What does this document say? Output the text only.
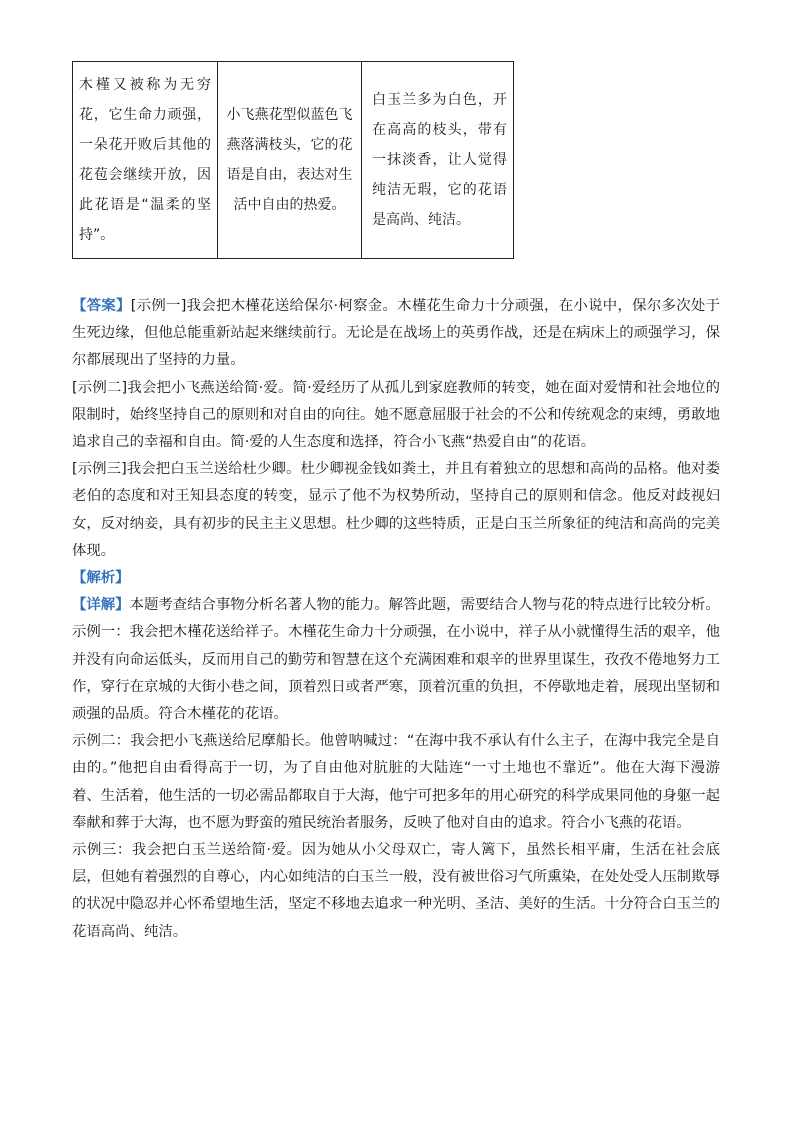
木槿又被称为无穷花，它生命力顽强，一朵花开败后其他的花苞会继续开放，因此花语是“温柔的坚持”。	小飞燕花型似蓝色飞燕落满枝头，它的花语是自由，表达对生活中自由的热爱。	白玉兰多为白色，开在高高的枝头，带有一抹淡香，让人觉得纯洁无瑕，它的花语是高尚、纯洁。

【答案】[示例一]我会把木槿花送给保尔·柯察金。木槿花生命力十分顽强，在小说中，保尔多次处于生死边缘，但他总能重新站起来继续前行。无论是在战场上的英勇作战，还是在病床上的顽强学习，保尔都展现出了坚持的力量。

[示例二]我会把小飞燕送给简·爱。简·爱经历了从孤儿到家庭教师的转变，她在面对爱情和社会地位的限制时，始终坚持自己的原则和对自由的向往。她不愿意屈服于社会的不公和传统观念的束缚，勇敢地追求自己的幸福和自由。简·爱的人生态度和选择，符合小飞燕“热爱自由”的花语。

[示例三]我会把白玉兰送给杜少卿。杜少卿视金钱如粪土，并且有着独立的思想和高尚的品格。他对娄老伯的态度和对王知县态度的转变，显示了他不为权势所动，坚持自己的原则和信念。他反对歧视妇女，反对纳妾，具有初步的民主主义思想。杜少卿的这些特质，正是白玉兰所象征的纯洁和高尚的完美体现。

【解析】

【详解】本题考查结合事物分析名著人物的能力。解答此题，需要结合人物与花的特点进行比较分析。

示例一：我会把木槿花送给祥子。木槿花生命力十分顽强，在小说中，祥子从小就懂得生活的艰辛，他并没有向命运低头，反而用自己的勤劳和智慧在这个充满困难和艰辛的世界里谋生，孜孜不倦地努力工作，穿行在京城的大街小巷之间，顶着烈日或者严寒，顶着沉重的负担，不停歇地走着，展现出坚韧和顽强的品质。符合木槿花的花语。

示例二：我会把小飞燕送给尼摩船长。他曾呐喊过：“在海中我不承认有什么主子，在海中我完全是自由的。”他把自由看得高于一切，为了自由他对肮脏的大陆连“一寸土地也不靠近”。他在大海下漫游着、生活着，他生活的一切必需品都取自于大海，他宁可把多年的用心研究的科学成果同他的身躯一起奉献和葬于大海，也不愿为野蛮的殖民统治者服务，反映了他对自由的追求。符合小飞燕的花语。

示例三：我会把白玉兰送给简·爱。因为她从小父母双亡，寄人篱下，虽然长相平庸，生活在社会底层，但她有着强烈的自尊心，内心如纯洁的白玉兰一般，没有被世俗习气所熏染，在处处受人压制欺辱的状况中隐忍并心怀希望地生活，坚定不移地去追求一种光明、圣洁、美好的生活。十分符合白玉兰的花语高尚、纯洁。
